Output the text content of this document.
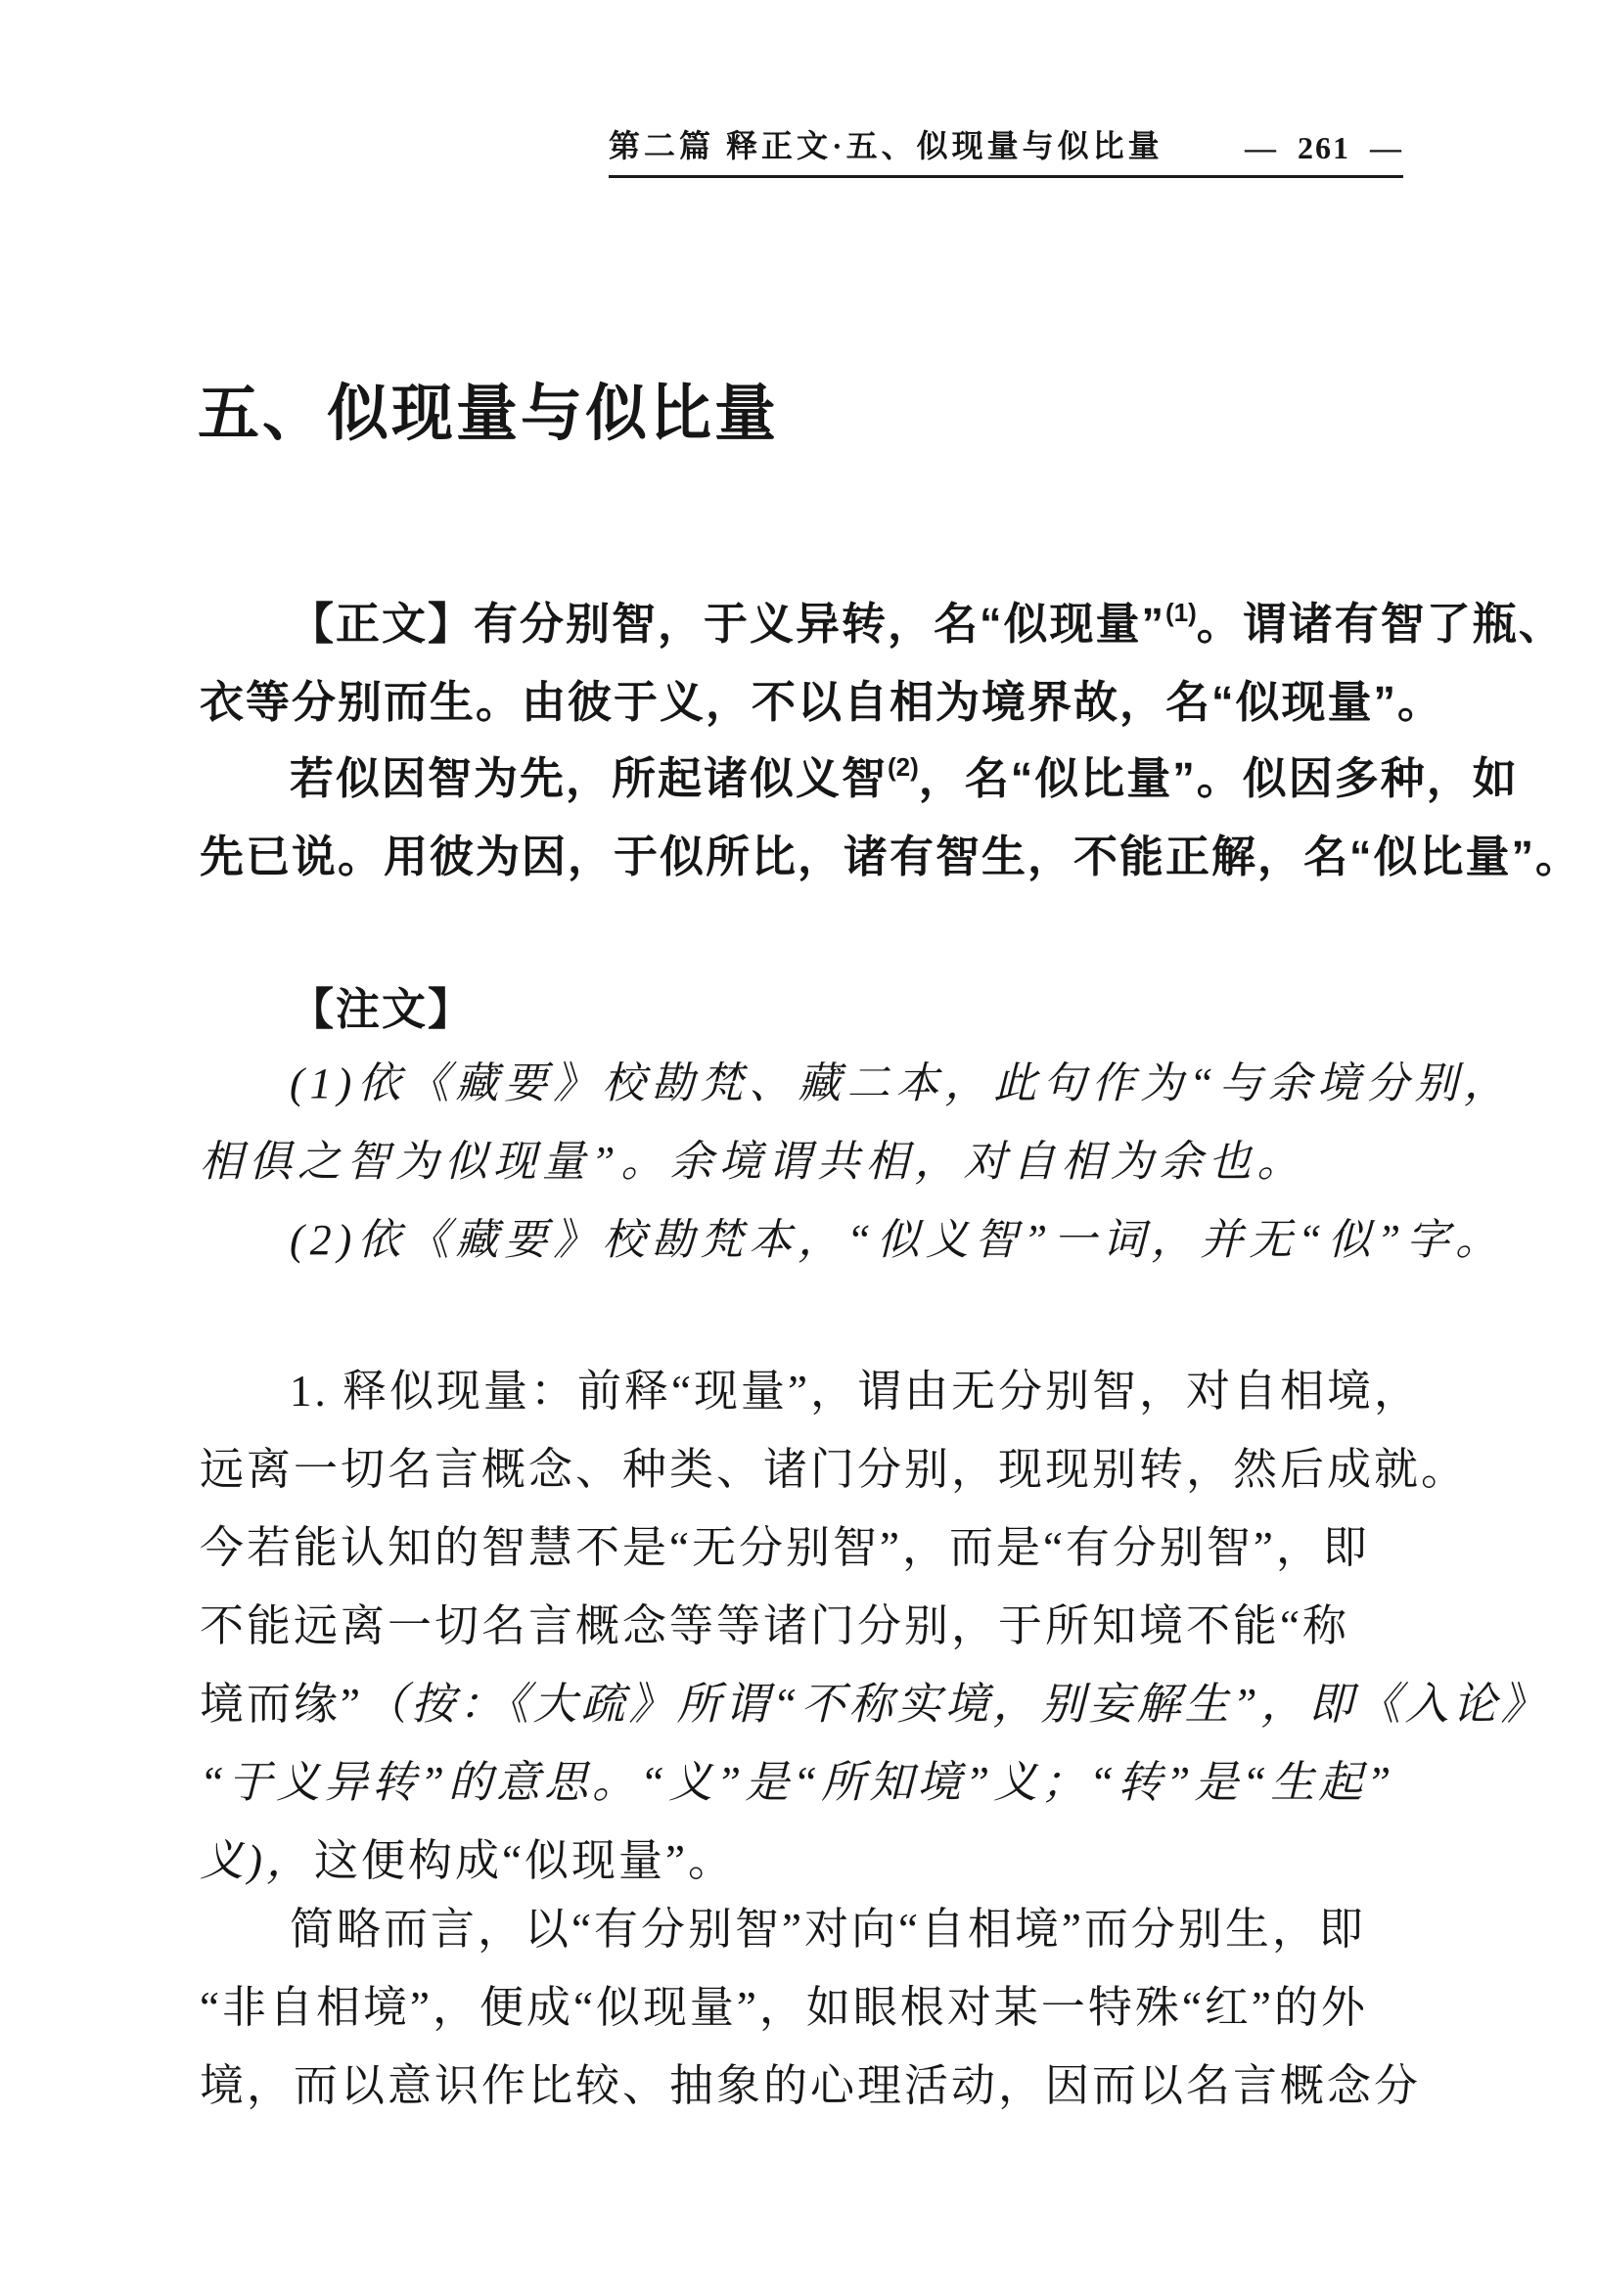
第二篇 释正文·五、似现量与似比量	—  261  —
五、似现量与似比量
【正文】有分别智，于义异转，名“似现量”$^{(1)}$。谓诸有智了瓶、
衣等分别而生。由彼于义，不以自相为境界故，名“似现量”。
若似因智为先，所起诸似义智$^{(2)}$，名“似比量”。似因多种，如
先已说。用彼为因，于似所比，诸有智生，不能正解，名“似比量”。
【注文】
(1)依《藏要》校勘梵、藏二本，此句作为“与余境分别，
相俱之智为似现量”。余境谓共相，对自相为余也。
(2)依《藏要》校勘梵本，“似义智”一词，并无“似”字。
1. 释似现量：前释“现量”，谓由无分别智，对自相境，
远离一切名言概念、种类、诸门分别，现现别转，然后成就。
今若能认知的智慧不是“无分别智”，而是“有分别智”，即
不能远离一切名言概念等等诸门分别，于所知境不能“称
境而缘”（按：《大疏》所谓“不称实境，别妄解生”，即《入论》
“于义异转”的意思。“义”是“所知境”义；“转”是“生起”
义)，这便构成“似现量”。
简略而言，以“有分别智”对向“自相境”而分别生，即
“非自相境”，便成“似现量”，如眼根对某一特殊“红”的外
境，而以意识作比较、抽象的心理活动，因而以名言概念分
